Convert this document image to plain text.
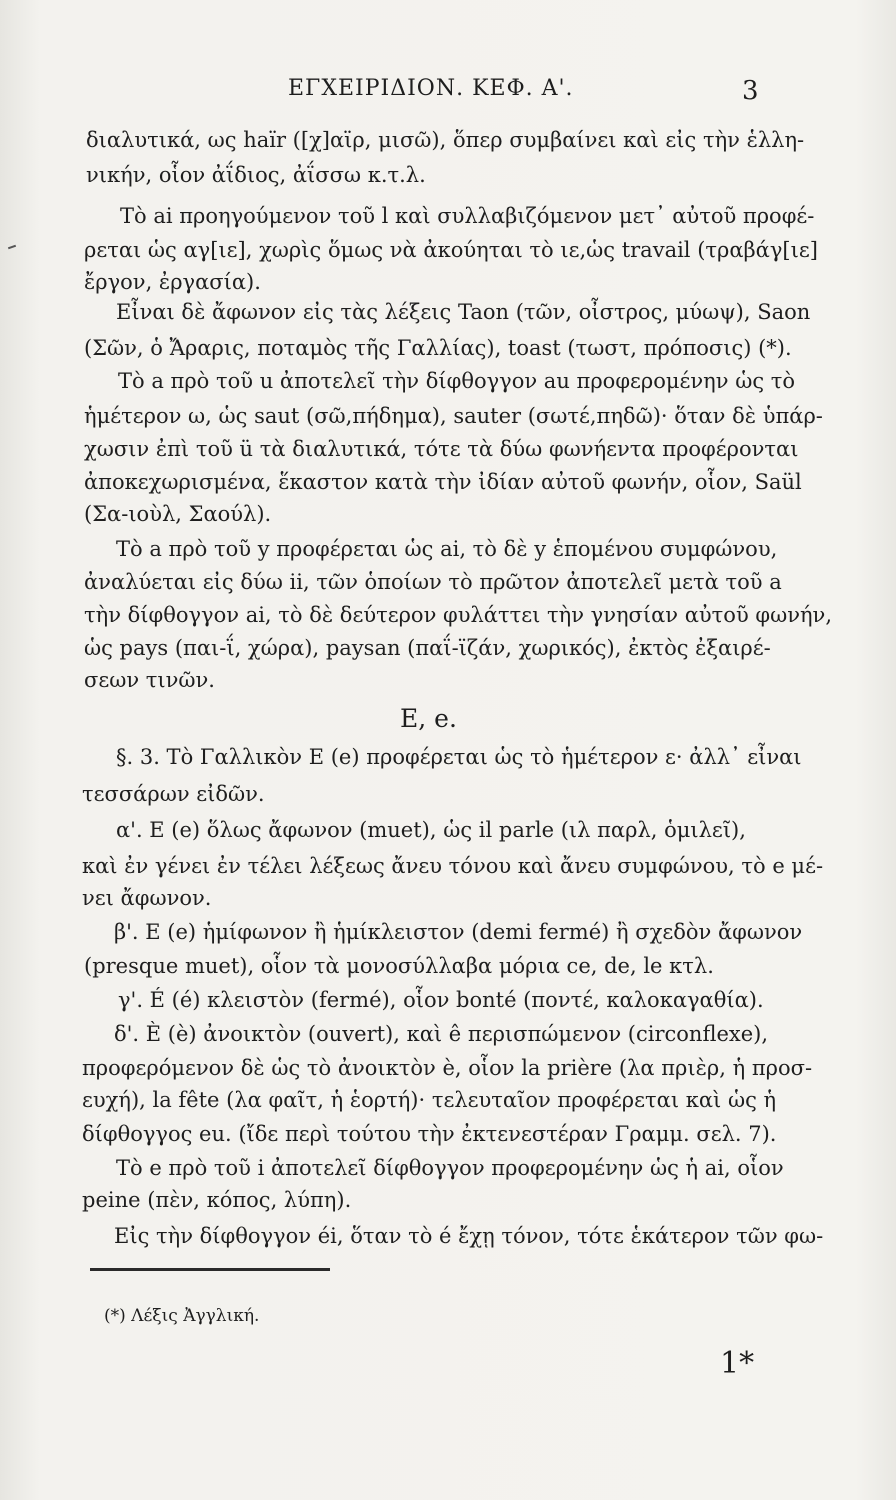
ΕΓΧΕΙΡΙΔΙΟΝ. ΚΕΦ. Α'.	3
διαλυτικά, ως haïr ([χ]αϊρ, μισῶ), ὅπερ συμβαίνει καὶ εἰς τὴν ἑλλη-
νικήν, οἷον ἀΐδιος, ἀΐσσω κ.τ.λ.
Τὸ ai προηγούμενον τοῦ l καὶ συλλαβιζόμενον μετ᾽ αὐτοῦ προφέ-
ρεται ὡς αγ[ιε], χωρὶς ὅμως νὰ ἀκούηται τὸ ιε,ὡς travail (τραβάγ[ιε]
ἔργον, ἐργασία).
Εἶναι δὲ ἄφωνον εἰς τὰς λέξεις Taon (τῶν, οἶστρος, μύωψ), Saon
(Σῶν, ὁ Ἄραρις, ποταμὸς τῆς Γαλλίας), toast (τωστ, πρόποσις) (*).
Τὸ a πρὸ τοῦ u ἀποτελεῖ τὴν δίφθογγον au προφερομένην ὡς τὸ
ἡμέτερον ω, ὡς saut (σῶ,πήδημα), sauter (σωτέ,πηδῶ)· ὅταν δὲ ὑπάρ-
χωσιν ἐπὶ τοῦ ü τὰ διαλυτικά, τότε τὰ δύω φωνήεντα προφέρονται
ἀποκεχωρισμένα, ἕκαστον κατὰ τὴν ἰδίαν αὐτοῦ φωνήν, οἷον, Saül
(Σα-ιοὺλ, Σαούλ).
Τὸ a πρὸ τοῦ y προφέρεται ὡς ai, τὸ δὲ y ἑπομένου συμφώνου,
ἀναλύεται εἰς δύω ii, τῶν ὁποίων τὸ πρῶτον ἀποτελεῖ μετὰ τοῦ a
τὴν δίφθογγον ai, τὸ δὲ δεύτερον φυλάττει τὴν γνησίαν αὐτοῦ φωνήν,
ὡς pays (παι-ΐ, χώρα), paysan (παΐ-ϊζάν, χωρικός), ἐκτὸς ἐξαιρέ-
σεων τινῶν.
E, e.
§. 3. Τὸ Γαλλικὸν E (e) προφέρεται ὡς τὸ ἡμέτερον ε· ἀλλ᾽ εἶναι
τεσσάρων εἰδῶν.
α'. E (e) ὅλως ἄφωνον (muet), ὡς il parle (ιλ παρλ, ὁμιλεῖ),
καὶ ἐν γένει ἐν τέλει λέξεως ἄνευ τόνου καὶ ἄνευ συμφώνου, τὸ e μέ-
νει ἄφωνον.
β'. E (e) ἡμίφωνον ἢ ἡμίκλειστον (demi fermé) ἢ σχεδὸν ἄφωνον
(presque muet), οἷον τὰ μονοσύλλαβα μόρια ce, de, le κτλ.
γ'. É (é) κλειστὸν (fermé), οἷον bonté (ποντέ, καλοκαγαθία).
δ'. È (è) ἀνοικτὸν (ouvert), καὶ ê περισπώμενον (circonflexe),
προφερόμενον δὲ ὡς τὸ ἀνοικτὸν è, οἷον la prière (λα πριὲρ, ἡ προσ-
ευχή), la fête (λα φαῖτ, ἡ ἑορτή)· τελευταῖον προφέρεται καὶ ὡς ἡ
δίφθογγος eu. (ἴδε περὶ τούτου τὴν ἐκτενεστέραν Γραμμ. σελ. 7).
Τὸ e πρὸ τοῦ i ἀποτελεῖ δίφθογγον προφερομένην ὡς ἡ ai, οἷον
peine (πὲν, κόπος, λύπη).
Εἰς τὴν δίφθογγον éi, ὅταν τὸ é ἔχῃ τόνον, τότε ἑκάτερον τῶν φω-
(*) Λέξις Ἀγγλική.
1*
